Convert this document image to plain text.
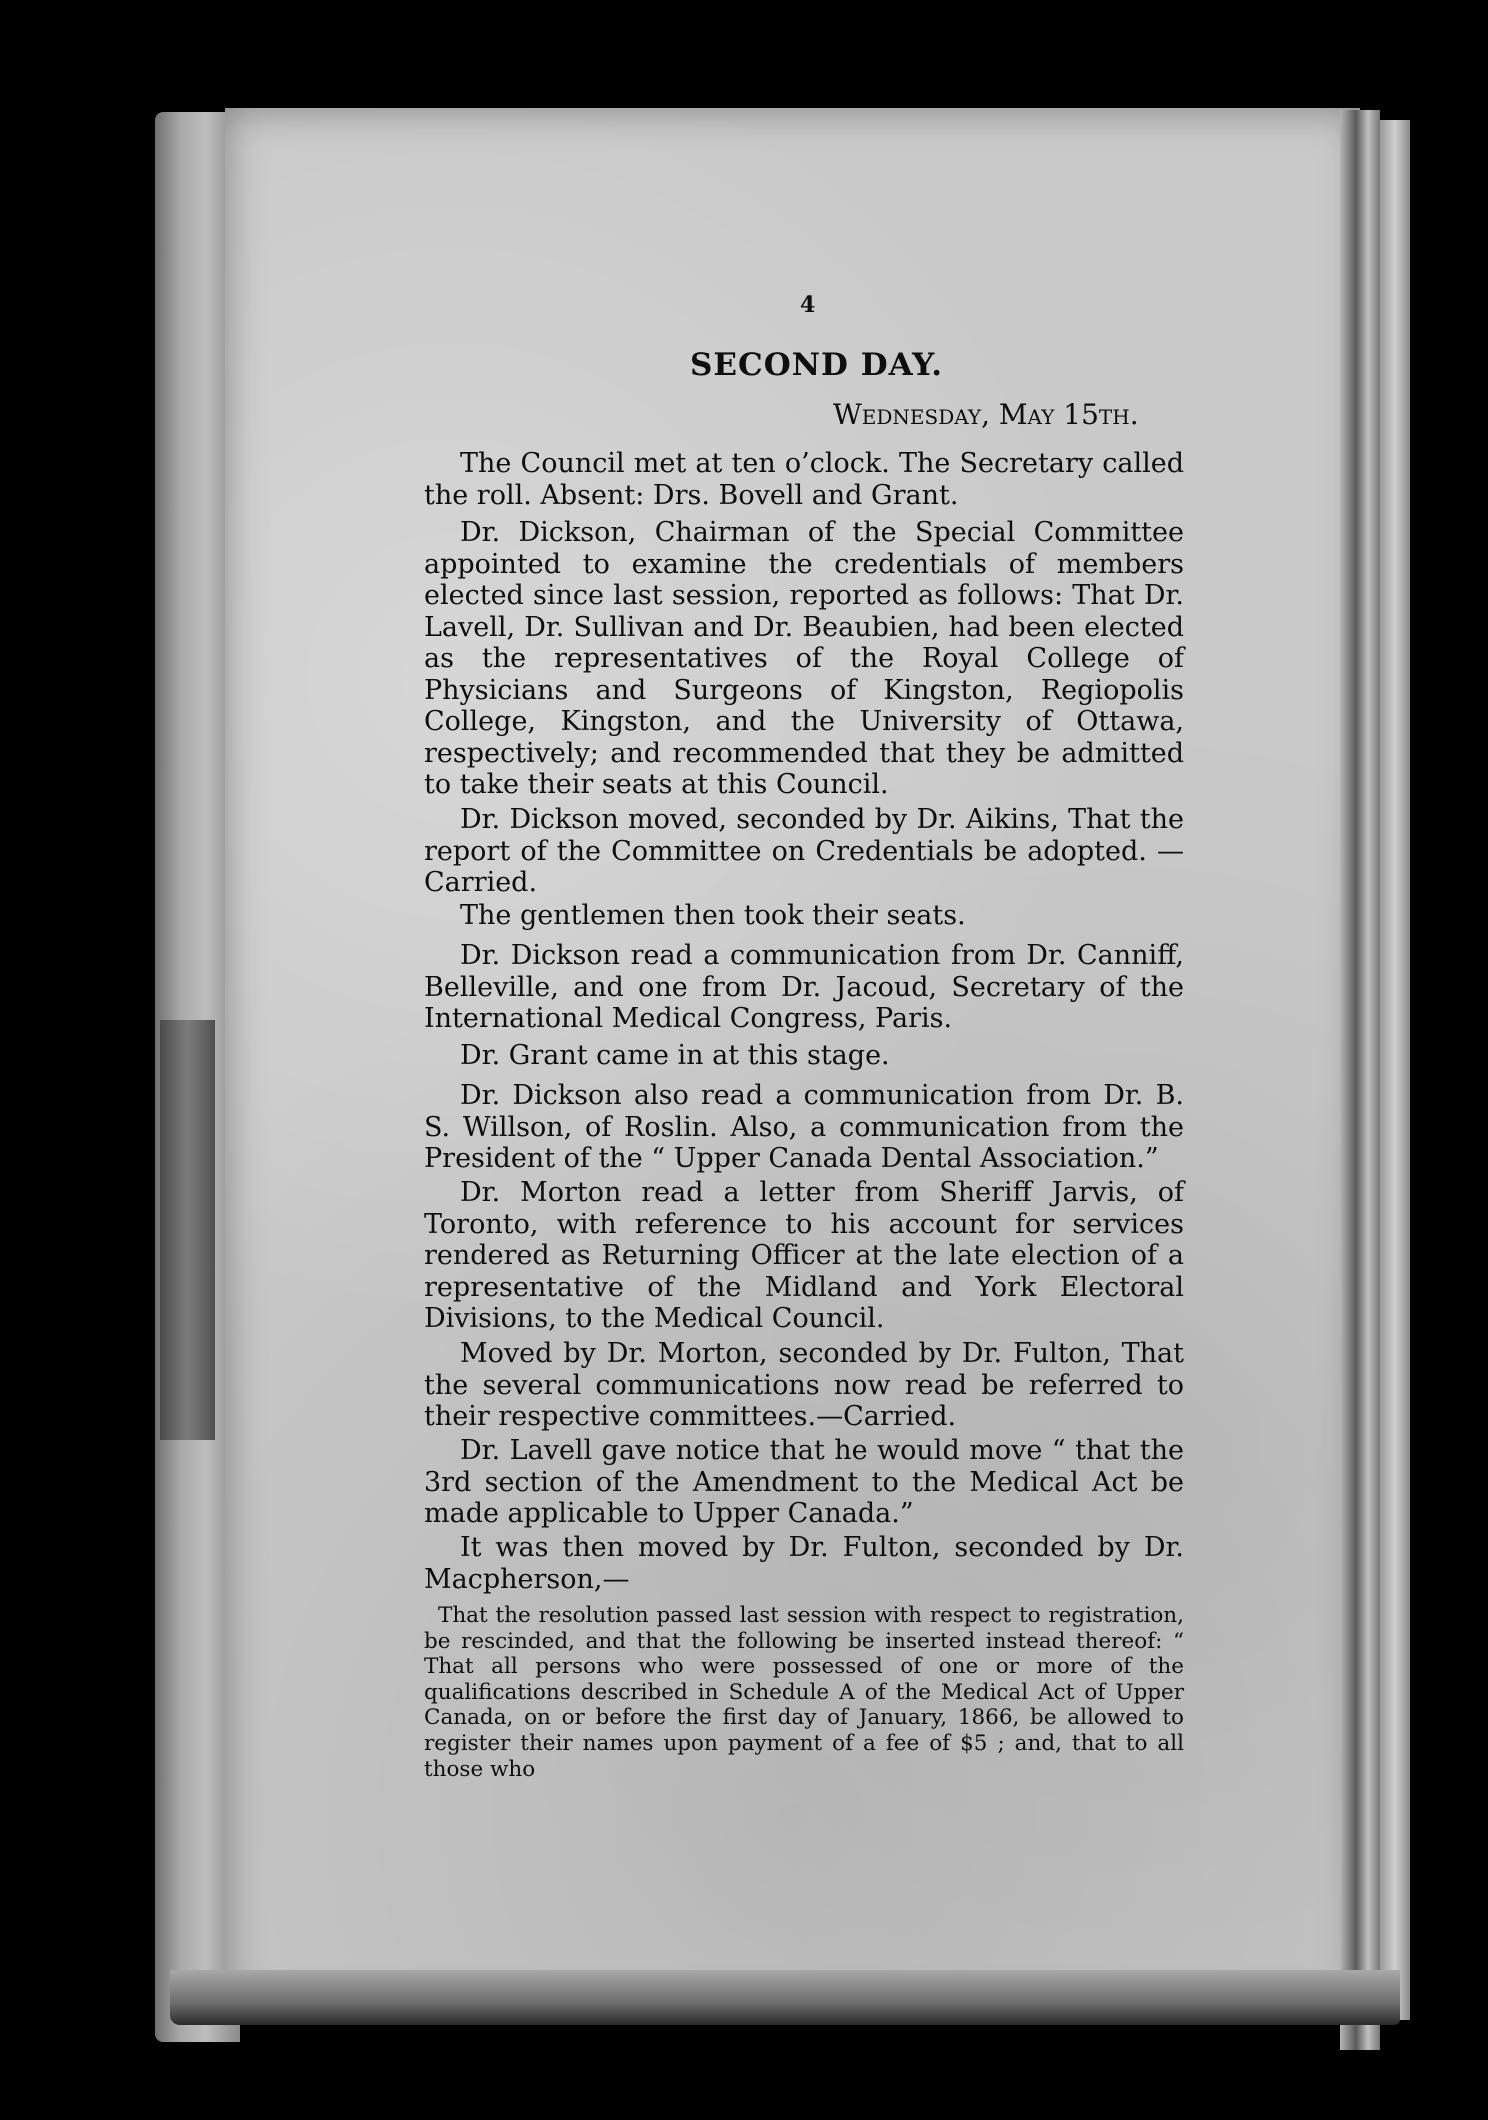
4

SECOND DAY.

Wednesday, May 15th.

The Council met at ten o’clock. The Secretary called the roll. Absent: Drs. Bovell and Grant.

Dr. Dickson, Chairman of the Special Committee appointed to examine the credentials of members elected since last session, reported as follows: That Dr. Lavell, Dr. Sullivan and Dr. Beaubien, had been elected as the representatives of the Royal College of Physicians and Surgeons of Kingston, Regiopolis College, Kingston, and the University of Ottawa, respectively; and recommended that they be admitted to take their seats at this Council.

Dr. Dickson moved, seconded by Dr. Aikins, That the report of the Committee on Credentials be adopted. —Carried.

The gentlemen then took their seats.

Dr. Dickson read a communication from Dr. Canniff, Belleville, and one from Dr. Jacoud, Secretary of the International Medical Congress, Paris.

Dr. Grant came in at this stage.

Dr. Dickson also read a communication from Dr. B. S. Willson, of Roslin. Also, a communication from the President of the “ Upper Canada Dental Association.”

Dr. Morton read a letter from Sheriff Jarvis, of Toronto, with reference to his account for services rendered as Returning Officer at the late election of a representative of the Midland and York Electoral Divisions, to the Medical Council.

Moved by Dr. Morton, seconded by Dr. Fulton, That the several communications now read be referred to their respective committees.—Carried.

Dr. Lavell gave notice that he would move “ that the 3rd section of the Amendment to the Medical Act be made applicable to Upper Canada.”

It was then moved by Dr. Fulton, seconded by Dr. Macpherson,—

That the resolution passed last session with respect to registration, be rescinded, and that the following be inserted instead thereof: “ That all persons who were possessed of one or more of the qualifications described in Schedule A of the Medical Act of Upper Canada, on or before the first day of January, 1866, be allowed to register their names upon payment of a fee of $5 ; and, that to all those who
